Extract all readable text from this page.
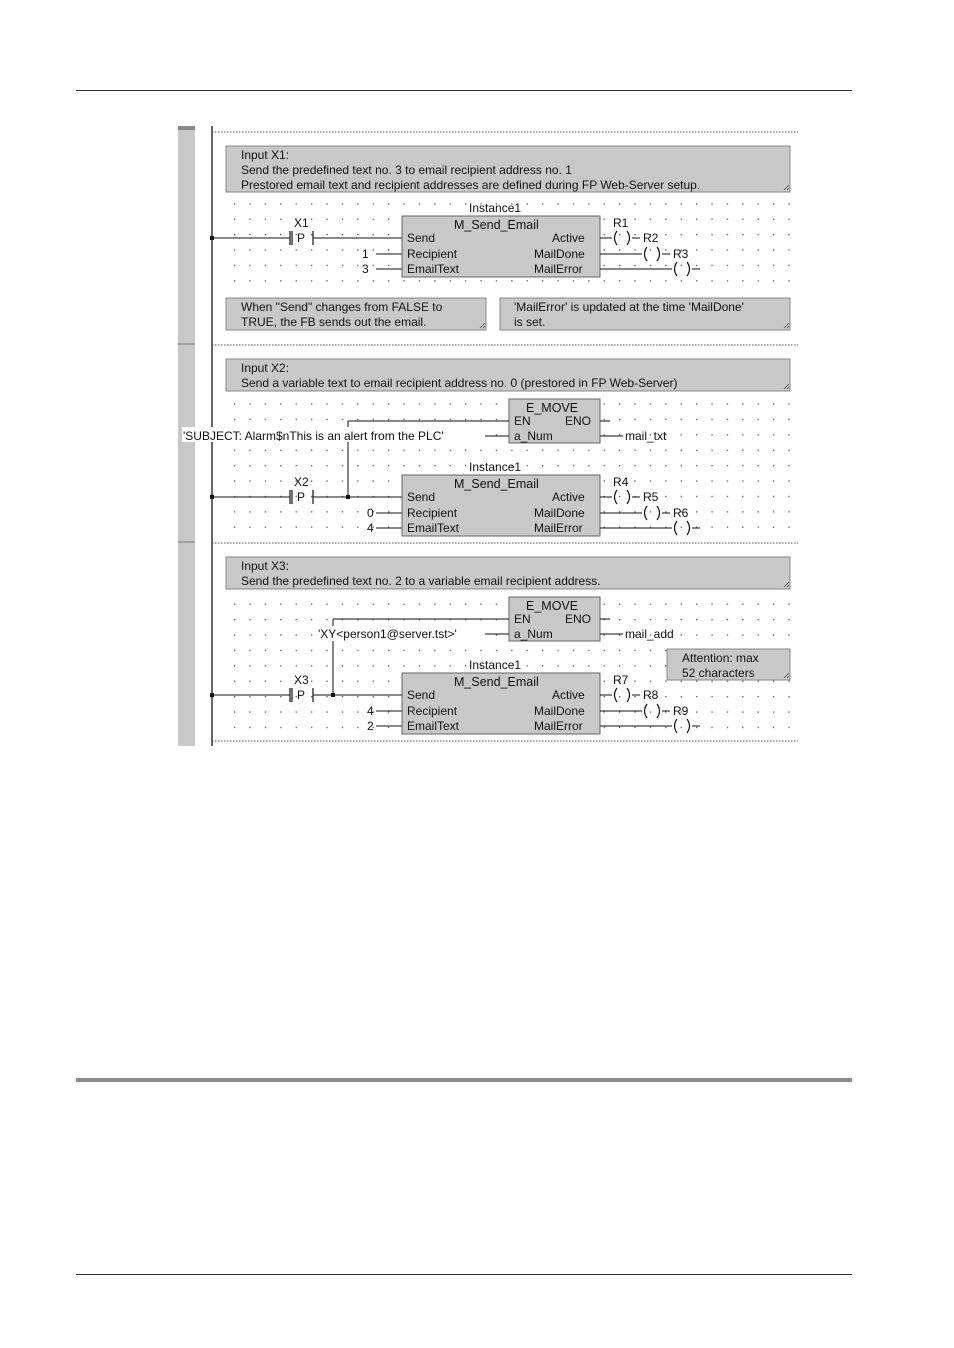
Input X1:
Send the predefined text no. 3 to email recipient address no. 1
Prestored email text and recipient addresses are defined during FP Web-Server setup.
X1
P
1
3
Instance1
M_Send_Email
Send
Recipient
EmailText
Active
MailDone
MailError
R1
R2
R3
When "Send" changes from FALSE to
TRUE, the FB sends out the email.
'MailError' is updated at the time 'MailDone'
is set.
Input X2:
Send a variable text to email recipient address no. 0 (prestored in FP Web-Server)
E_MOVE
EN	ENO
a_Num
'SUBJECT: Alarm$nThis is an alert from the PLC'	mail_txt
X2
P
0
4
Instance1
M_Send_Email
Send
Recipient
EmailText
Active
MailDone
MailError
R4
R5
R6
Input X3:
Send the predefined text no. 2 to a variable email recipient address.
E_MOVE
EN	ENO
a_Num
'XY<person1@server.tst>'	mail_add
Attention: max
52 characters
X3
P
4
2
Instance1
M_Send_Email
Send
Recipient
EmailText
Active
MailDone
MailError
R7
R8
R9
